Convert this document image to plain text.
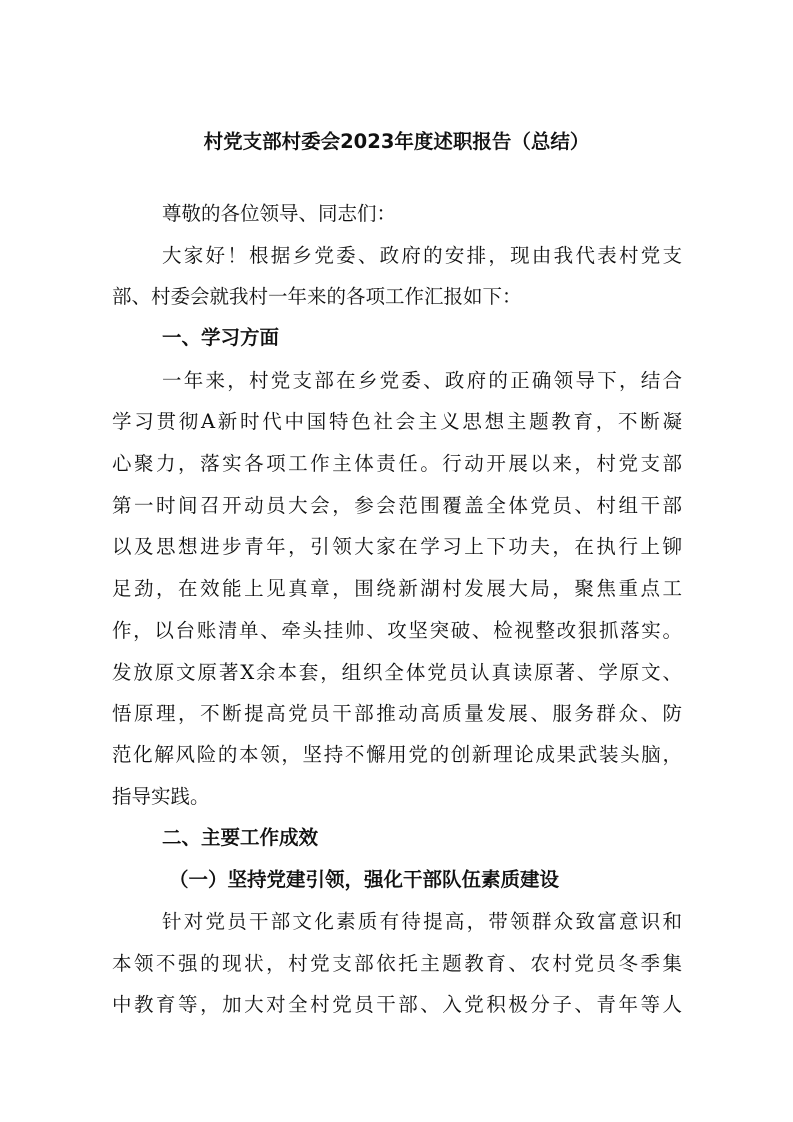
村党支部村委会2023年度述职报告（总结）
尊敬的各位领导、同志们：
大家好！根据乡党委、政府的安排，现由我代表村党支
部、村委会就我村一年来的各项工作汇报如下：
一、学习方面
一年来，村党支部在乡党委、政府的正确领导下，结合
学习贯彻A新时代中国特色社会主义思想主题教育，不断凝
心聚力，落实各项工作主体责任。行动开展以来，村党支部
第一时间召开动员大会，参会范围覆盖全体党员、村组干部
以及思想进步青年，引领大家在学习上下功夫，在执行上铆
足劲，在效能上见真章，围绕新湖村发展大局，聚焦重点工
作，以台账清单、牵头挂帅、攻坚突破、检视整改狠抓落实。
发放原文原著X余本套，组织全体党员认真读原著、学原文、
悟原理，不断提高党员干部推动高质量发展、服务群众、防
范化解风险的本领，坚持不懈用党的创新理论成果武装头脑，
指导实践。
二、主要工作成效
（一）坚持党建引领，强化干部队伍素质建设
针对党员干部文化素质有待提高，带领群众致富意识和
本领不强的现状，村党支部依托主题教育、农村党员冬季集
中教育等，加大对全村党员干部、入党积极分子、青年等人
